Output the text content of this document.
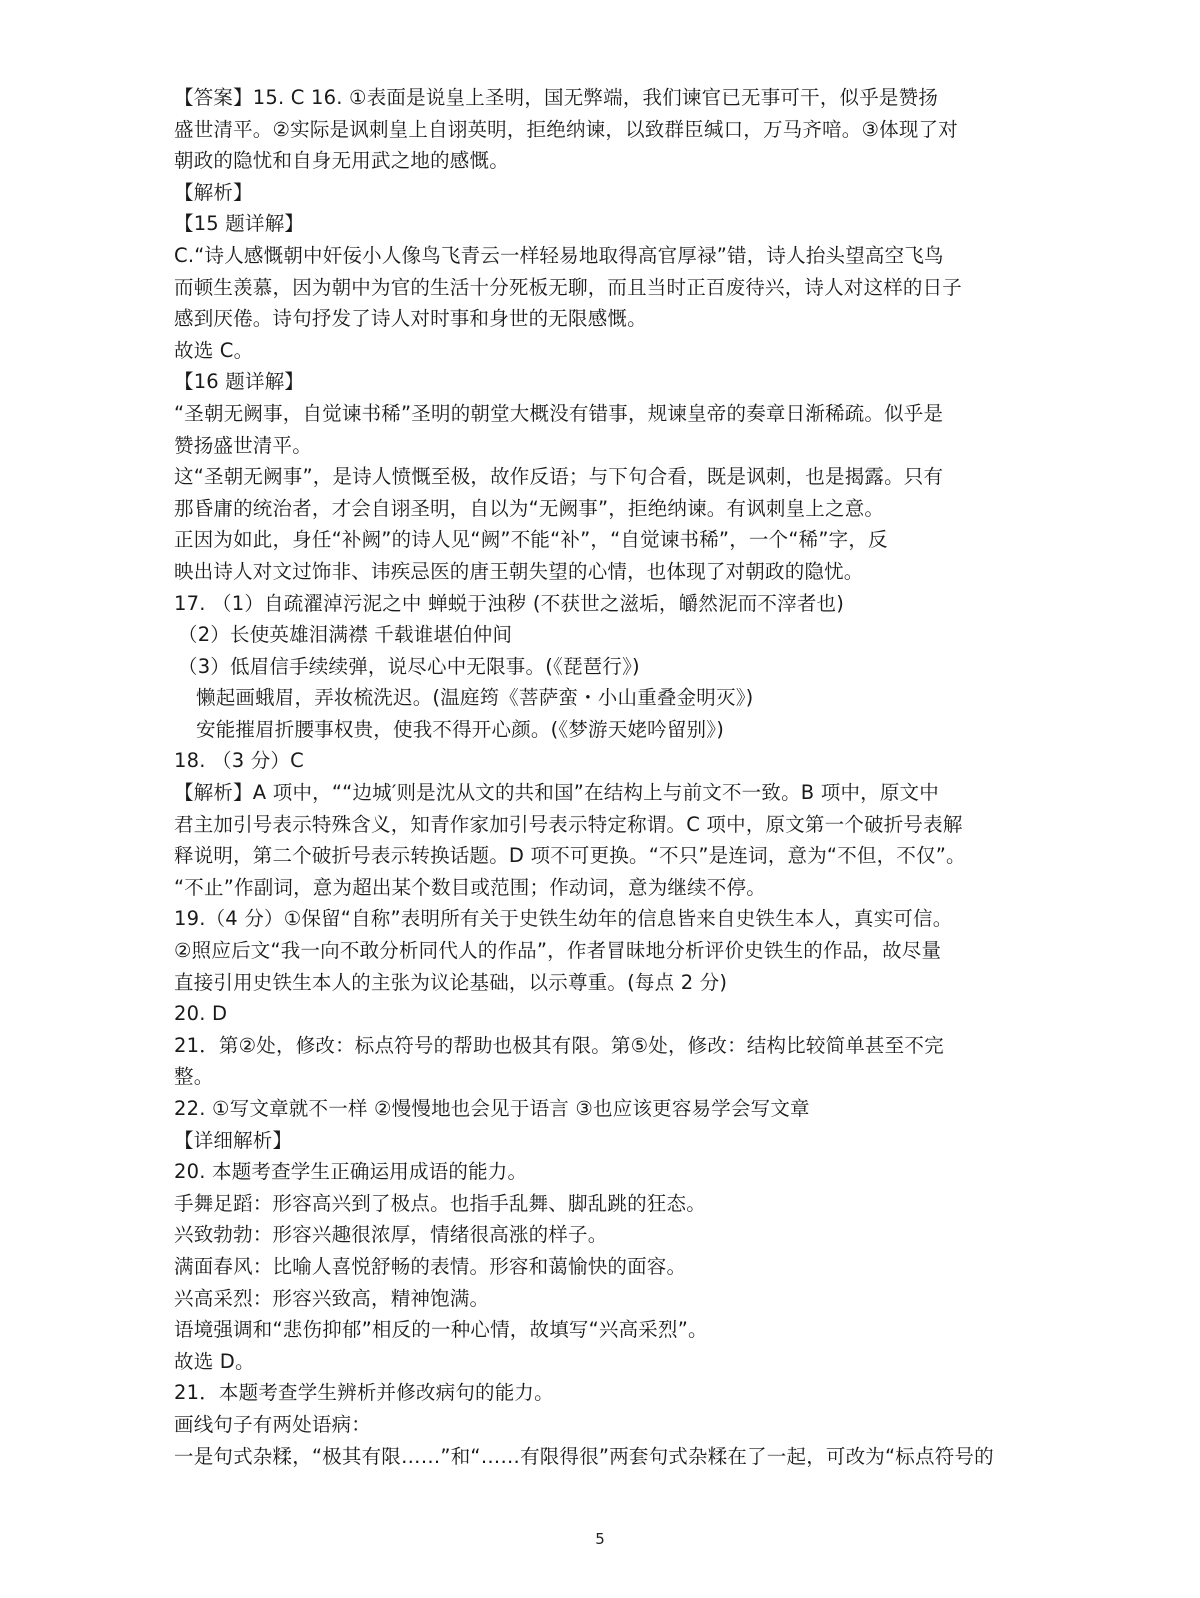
【答案】15. C 16. ①表面是说皇上圣明，国无弊端，我们谏官已无事可干，似乎是赞扬
盛世清平。②实际是讽刺皇上自诩英明，拒绝纳谏，以致群臣缄口，万马齐喑。③体现了对
朝政的隐忧和自身无用武之地的感慨。
【解析】
【15 题详解】
C.“诗人感慨朝中奸佞小人像鸟飞青云一样轻易地取得高官厚禄”错，诗人抬头望高空飞鸟
而顿生羡慕，因为朝中为官的生活十分死板无聊，而且当时正百废待兴，诗人对这样的日子
感到厌倦。诗句抒发了诗人对时事和身世的无限感慨。
故选 C。
【16 题详解】
“圣朝无阙事，自觉谏书稀”圣明的朝堂大概没有错事，规谏皇帝的奏章日渐稀疏。似乎是
赞扬盛世清平。
这“圣朝无阙事”，是诗人愤慨至极，故作反语；与下句合看，既是讽刺，也是揭露。只有
那昏庸的统治者，才会自诩圣明，自以为“无阙事”，拒绝纳谏。有讽刺皇上之意。
正因为如此，身任“补阙”的诗人见“阙”不能“补”，“自觉谏书稀”，一个“稀”字，反
映出诗人对文过饰非、讳疾忌医的唐王朝失望的心情，也体现了对朝政的隐忧。
17. （1）自疏濯淖污泥之中 蝉蜕于浊秽 (不获世之滋垢，皭然泥而不滓者也)
（2）长使英雄泪满襟 千载谁堪伯仲间
（3）低眉信手续续弹，说尽心中无限事。(《琵琶行》)
懒起画蛾眉，弄妆梳洗迟。(温庭筠《菩萨蛮・小山重叠金明灭》)
安能摧眉折腰事权贵，使我不得开心颜。(《梦游天姥吟留别》)
18. （3 分）C
【解析】A 项中，““边城′则是沈从文的共和国”在结构上与前文不一致。B 项中，原文中
君主加引号表示特殊含义，知青作家加引号表示特定称谓。C 项中，原文第一个破折号表解
释说明，第二个破折号表示转换话题。D 项不可更换。“不只”是连词，意为“不但，不仅”。
“不止”作副词，意为超出某个数目或范围；作动词，意为继续不停。
19.（4 分）①保留“自称”表明所有关于史铁生幼年的信息皆来自史铁生本人，真实可信。
②照应后文“我一向不敢分析同代人的作品”，作者冒昧地分析评价史铁生的作品，故尽量
直接引用史铁生本人的主张为议论基础，以示尊重。(每点 2 分)
20. D
21．第②处，修改：标点符号的帮助也极其有限。第⑤处，修改：结构比较简单甚至不完
整。
22. ①写文章就不一样 ②慢慢地也会见于语言 ③也应该更容易学会写文章
【详细解析】
20. 本题考查学生正确运用成语的能力。
手舞足蹈：形容高兴到了极点。也指手乱舞、脚乱跳的狂态。
兴致勃勃：形容兴趣很浓厚，情绪很高涨的样子。
满面春风：比喻人喜悦舒畅的表情。形容和蔼愉快的面容。
兴高采烈：形容兴致高，精神饱满。
语境强调和“悲伤抑郁”相反的一种心情，故填写“兴高采烈”。
故选 D。
21．本题考查学生辨析并修改病句的能力。
画线句子有两处语病：
一是句式杂糅，“极其有限……”和“……有限得很”两套句式杂糅在了一起，可改为“标点符号的
5
